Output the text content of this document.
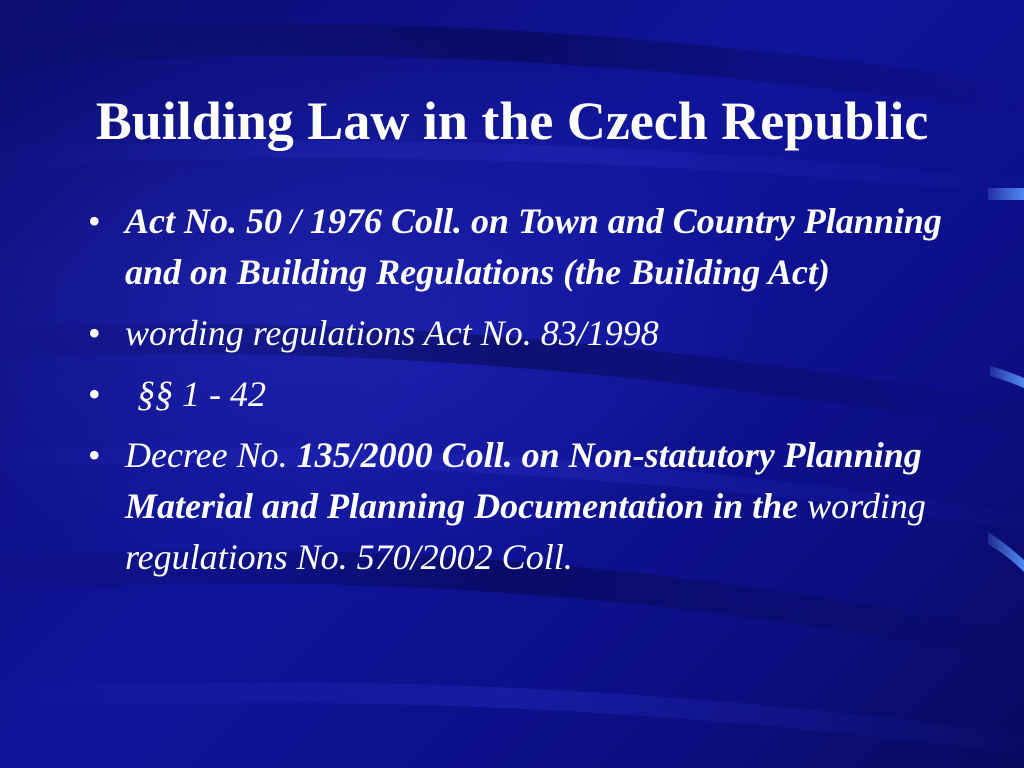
Building Law in the Czech Republic
• Act No. 50 / 1976 Coll. on Town and Country Planning and on Building Regulations (the Building Act)
• wording regulations Act No. 83/1998
• §§ 1 - 42
• Decree No. 135/2000 Coll. on Non-statutory Planning Material and Planning Documentation in the wording regulations No. 570/2002 Coll.
